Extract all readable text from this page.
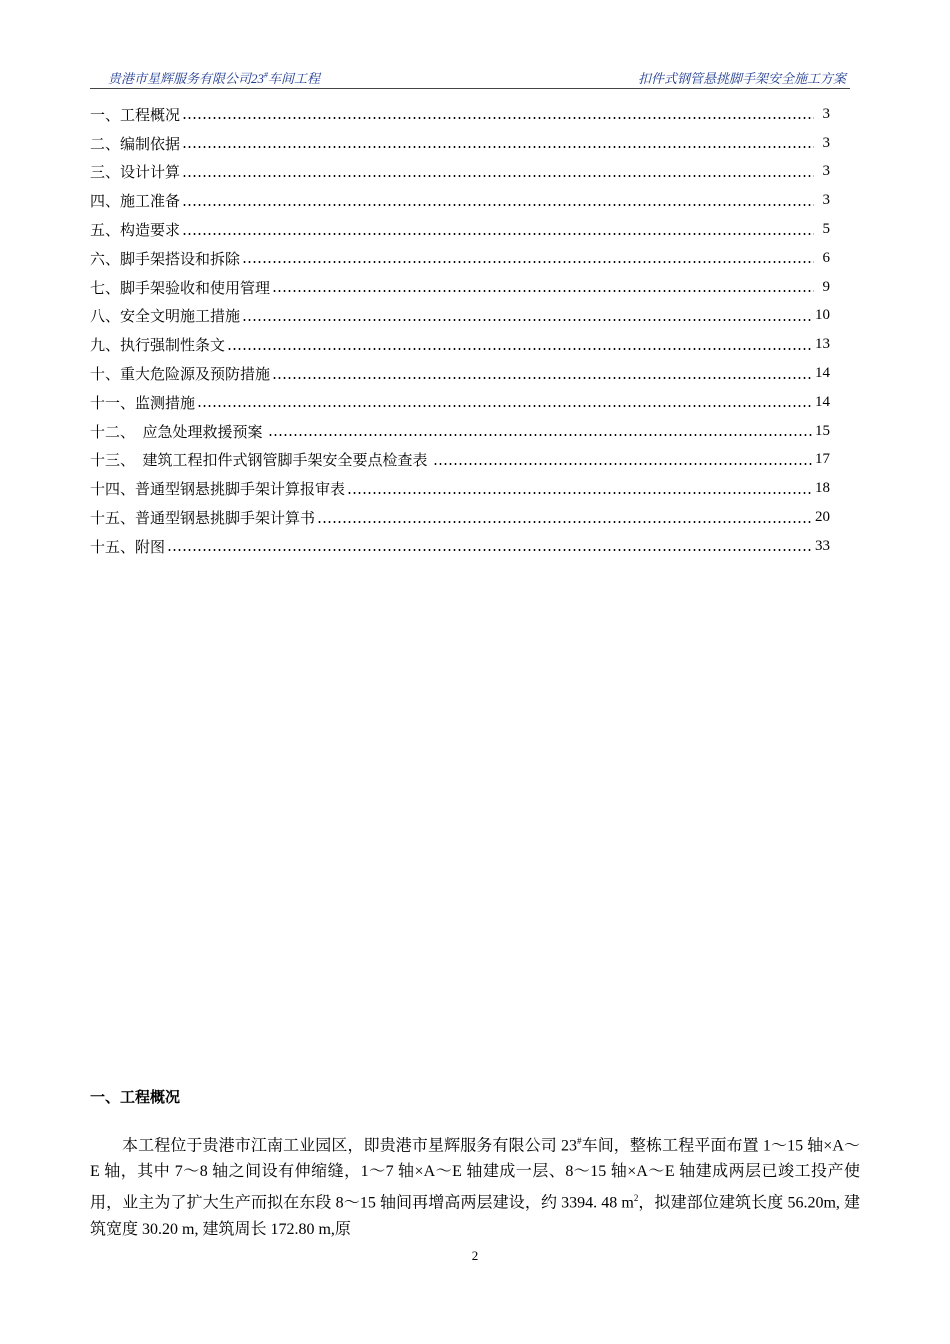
贵港市星辉服务有限公司23#车间工程	扣件式钢管悬挑脚手架安全施工方案
一、工程概况	3
二、编制依据	3
三、设计计算	3
四、施工准备	3
五、构造要求	5
六、脚手架搭设和拆除	6
七、脚手架验收和使用管理	9
八、安全文明施工措施	10
九、执行强制性条文	13
十、重大危险源及预防措施	14
十一、监测措施	14
十二、  应急处理救援预案	15
十三、  建筑工程扣件式钢管脚手架安全要点检查表	17
十四、普通型钢悬挑脚手架计算报审表	18
十五、普通型钢悬挑脚手架计算书	20
十五、附图	33
一、工程概况
本工程位于贵港市江南工业园区，即贵港市星辉服务有限公司 23#车间，整栋工程平面布置 1～15 轴×A～E 轴，其中 7～8 轴之间设有伸缩缝，1～7 轴×A～E 轴建成一层、8～15 轴×A～E 轴建成两层已竣工投产使用，业主为了扩大生产而拟在东段 8～15 轴间再增高两层建设，约 3394. 48 $m^2$，拟建部位建筑长度 56.20m, 建筑宽度 30.20 m, 建筑周长 172.80 m,原
2
